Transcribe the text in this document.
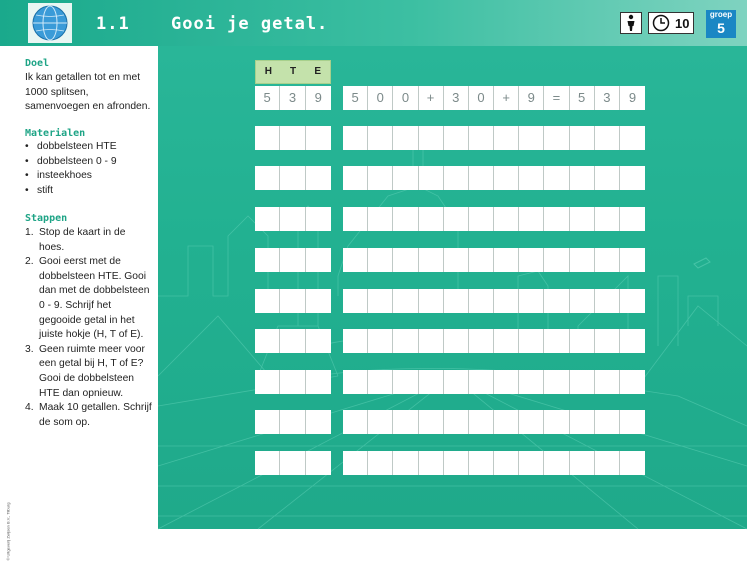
1.1 Gooi je getal.	10
groep
5
Doel
Ik kan getallen tot en met 1000 splitsen, samenvoegen en afronden.
Materialen
• dobbelsteen HTE
• dobbelsteen 0 - 9
• insteekhoes
• stift
Stappen
1. Stop de kaart in de hoes.
2. Gooi eerst met de dobbelsteen HTE. Gooi dan met de dobbelsteen 0 - 9. Schrijf het gegooide getal in het juiste hokje (H, T of E).
3. Geen ruimte meer voor een getal bij H, T of E? Gooi de dobbelsteen HTE dan opnieuw.
4. Maak 10 getallen. Schrijf de som op.
© Uitgeverij Zwijsen B.V., Tilburg
H	T	E
5	3	9	5	0	0	+	3	0	+	9	=	5	3	9
